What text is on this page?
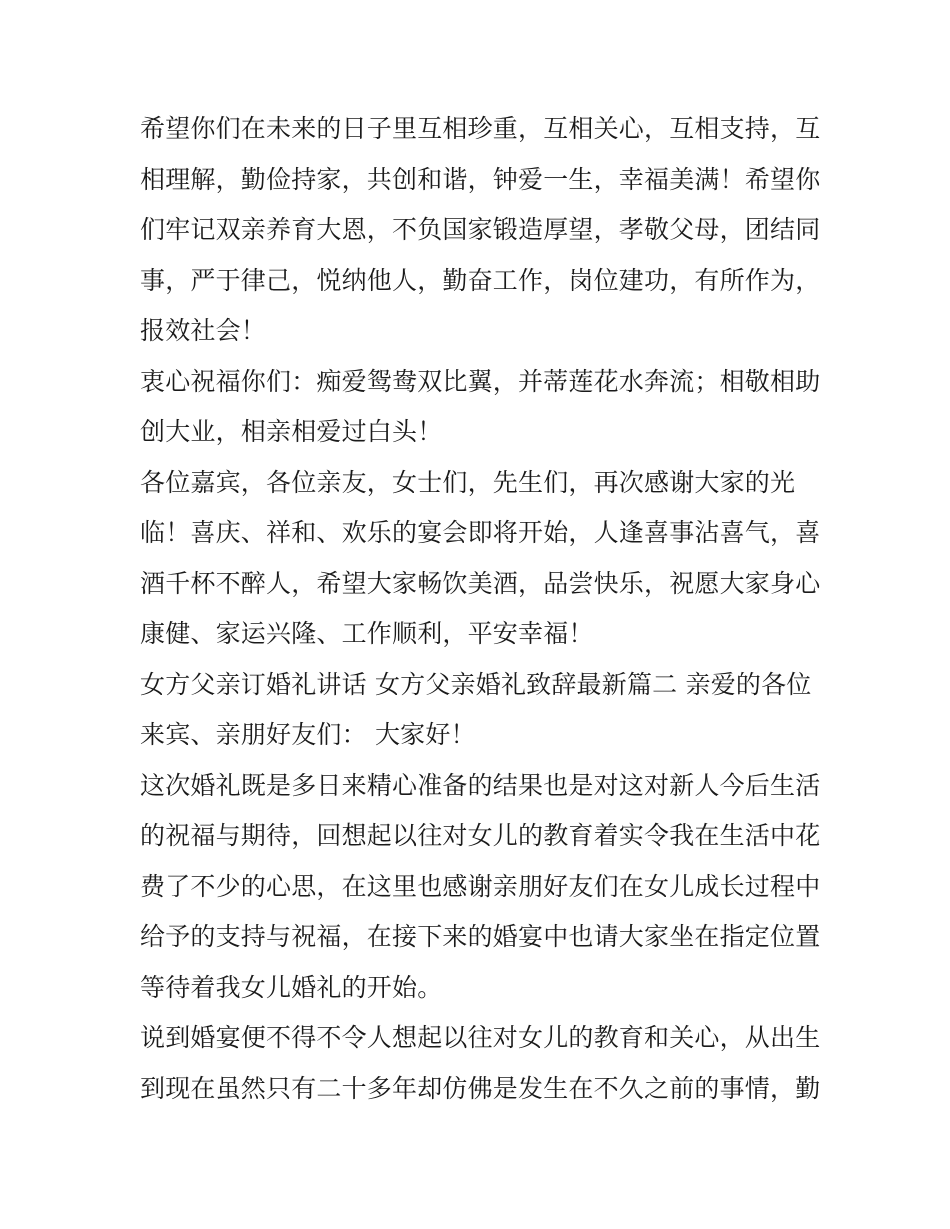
希望你们在未来的日子里互相珍重，互相关心，互相支持，互
相理解，勤俭持家，共创和谐，钟爱一生，幸福美满！希望你
们牢记双亲养育大恩，不负国家锻造厚望，孝敬父母，团结同
事，严于律己，悦纳他人，勤奋工作，岗位建功，有所作为，
报效社会！
衷心祝福你们：痴爱鸳鸯双比翼，并蒂莲花水奔流；相敬相助
创大业，相亲相爱过白头！
各位嘉宾，各位亲友，女士们，先生们，再次感谢大家的光
临！喜庆、祥和、欢乐的宴会即将开始，人逢喜事沾喜气，喜
酒千杯不醉人，希望大家畅饮美酒，品尝快乐，祝愿大家身心
康健、家运兴隆、工作顺利，平安幸福！
女方父亲订婚礼讲话 女方父亲婚礼致辞最新篇二 亲爱的各位
来宾、亲朋好友们： 大家好！
这次婚礼既是多日来精心准备的结果也是对这对新人今后生活
的祝福与期待，回想起以往对女儿的教育着实令我在生活中花
费了不少的心思，在这里也感谢亲朋好友们在女儿成长过程中
给予的支持与祝福，在接下来的婚宴中也请大家坐在指定位置
等待着我女儿婚礼的开始。
说到婚宴便不得不令人想起以往对女儿的教育和关心，从出生
到现在虽然只有二十多年却仿佛是发生在不久之前的事情，勤
